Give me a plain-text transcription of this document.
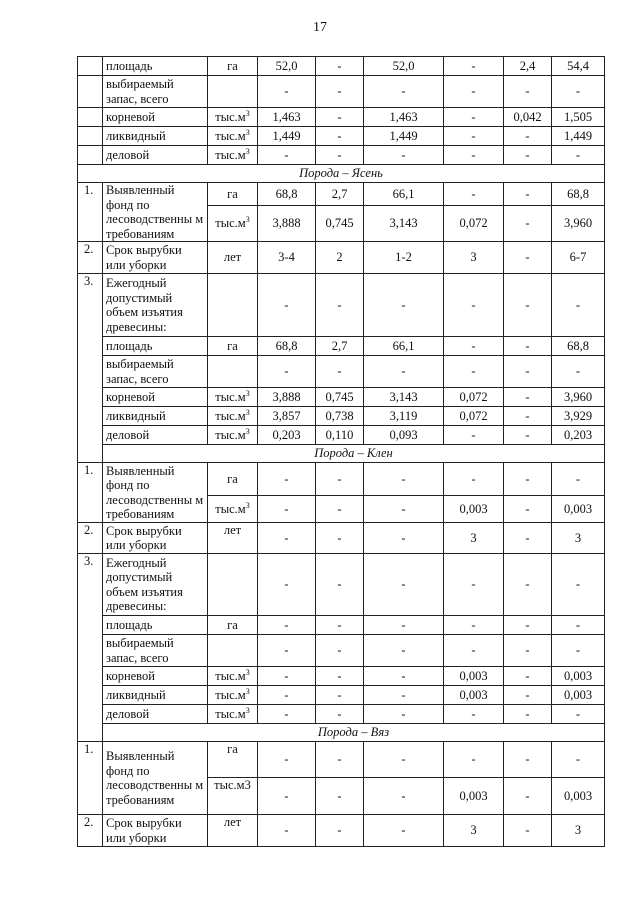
17
	площадь	га	52,0	-	52,0	-	2,4	54,4
	выбираемый запас, всего		-	-	-	-	-	-
	корневой	$тыс.м^3$	1,463	-	1,463	-	0,042	1,505
	ликвидный	$тыс.м^3$	1,449	-	1,449	-	-	1,449
	деловой	$тыс.м^3$	-	-	-	-	-	-
Порода – Ясень								
1.	Выявленный фонд по лесоводственны м требованиям	га	68,8	2,7	66,1	-	-	68,8
		$тыс.м^3$	3,888	0,745	3,143	0,072	-	3,960
2.	Срок вырубки или уборки	лет	3-4	2	1-2	3	-	6-7
3.	Ежегодный допустимый объем изъятия древесины:		-	-	-	-	-	-
	площадь	га	68,8	2,7	66,1	-	-	68,8
	выбираемый запас, всего		-	-	-	-	-	-
	корневой	$тыс.м^3$	3,888	0,745	3,143	0,072	-	3,960
	ликвидный	$тыс.м^3$	3,857	0,738	3,119	0,072	-	3,929
	деловой	$тыс.м^3$	0,203	0,110	0,093	-	-	0,203
	Порода – Клен							
1.	Выявленный фонд по лесоводственны м требованиям	га	-	-	-	-	-	-
		$тыс.м^3$	-	-	-	0,003	-	0,003
2.	Срок вырубки или уборки	лет	-	-	-	3	-	3
3.	Ежегодный допустимый объем изъятия древесины:		-	-	-	-	-	-
	площадь	га	-	-	-	-	-	-
	выбираемый запас, всего		-	-	-	-	-	-
	корневой	$тыс.м^3$	-	-	-	0,003	-	0,003
	ликвидный	$тыс.м^3$	-	-	-	0,003	-	0,003
	деловой	$тыс.м^3$	-	-	-	-	-	-
	Порода – Вяз							
1.	Выявленный фонд по лесоводственны м требованиям	га	-	-	-	-	-	-
		тыс.м3	-	-	-	0,003	-	0,003
2.	Срок вырубки или уборки	лет	-	-	-	3	-	3
